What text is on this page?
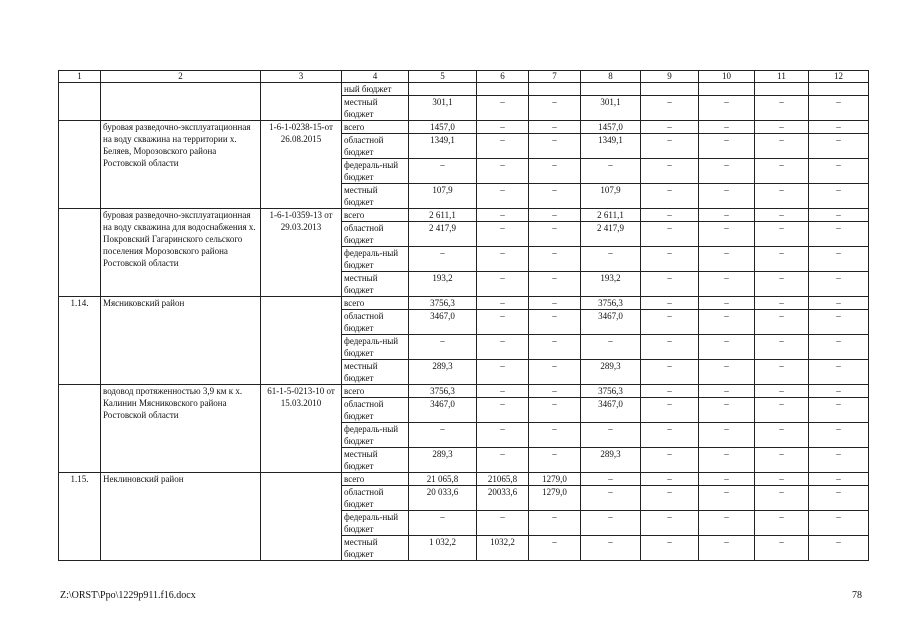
1	2	3	4	5	6	7	8	9	10	11	12
			ный бюджет								
			местный бюджет	301,1	–	–	301,1	–	–	–	–
	буровая разведочно-эксплуатационная на воду скважина на территории х. Беляев, Морозовского района Ростовской области	1-6-1-0238-15-от 26.08.2015	всего	1457,0	–	–	1457,0	–	–	–	–
			областной бюджет	1349,1	–	–	1349,1	–	–	–	–
			федераль-ный бюджет	–	–	–	–	–	–	–	–
			местный бюджет	107,9	–	–	107,9	–	–	–	–
	буровая разведочно-эксплуатационная на воду скважина для водоснабжения х. Покровский Гагаринского сельского поселения Морозовского района Ростовской области	1-6-1-0359-13 от 29.03.2013	всего	2 611,1	–	–	2 611,1	–	–	–	–
			областной бюджет	2 417,9	–	–	2 417,9	–	–	–	–
			федераль-ный бюджет	–	–	–	–	–	–	–	–
			местный бюджет	193,2	–	–	193,2	–	–	–	–
1.14.	Мясниковский район		всего	3756,3	–	–	3756,3	–	–	–	–
			областной бюджет	3467,0	–	–	3467,0	–	–	–	–
			федераль-ный бюджет	–	–	–	–	–	–	–	–
			местный бюджет	289,3	–	–	289,3	–	–	–	–
	водовод протяженностью 3,9 км к х. Калинин Мясниковского района Ростовской области	61-1-5-0213-10 от 15.03.2010	всего	3756,3	–	–	3756,3	–	–	–	–
			областной бюджет	3467,0	–	–	3467,0	–	–	–	–
			федераль-ный бюджет	–	–	–	–	–	–	–	–
			местный бюджет	289,3	–	–	289,3	–	–	–	–
1.15.	Неклиновский район		всего	21 065,8	21065,8	1279,0	–	–	–	–	–
			областной бюджет	20 033,6	20033,6	1279,0	–	–	–	–	–
			федераль-ный бюджет	–	–	–	–	–	–	–	–
			местный бюджет	1 032,2	1032,2	–	–	–	–	–	–
Z:\ORST\Ppo\1229p911.f16.docx	78
